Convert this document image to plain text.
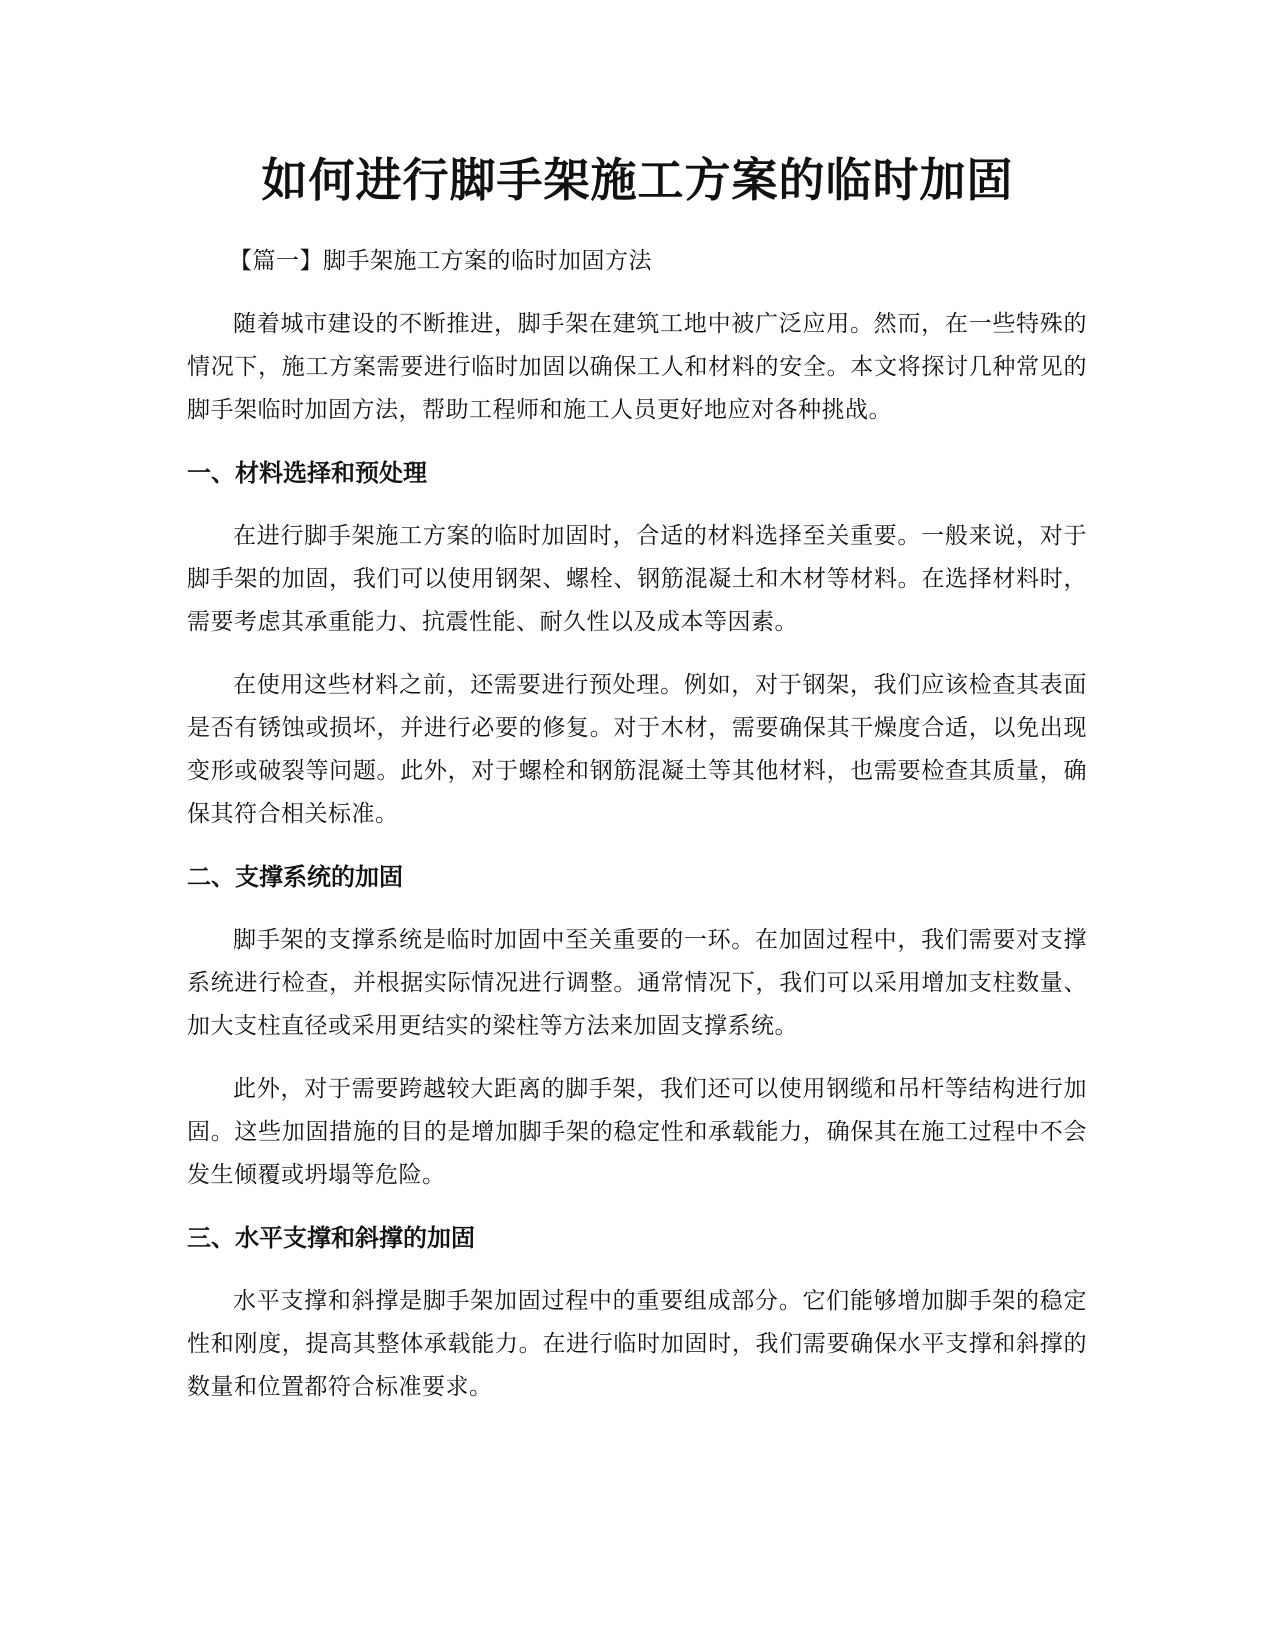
如何进行脚手架施工方案的临时加固

【篇一】脚手架施工方案的临时加固方法

随着城市建设的不断推进，脚手架在建筑工地中被广泛应用。然而，在一些特殊的情况下，施工方案需要进行临时加固以确保工人和材料的安全。本文将探讨几种常见的脚手架临时加固方法，帮助工程师和施工人员更好地应对各种挑战。

一、材料选择和预处理

在进行脚手架施工方案的临时加固时，合适的材料选择至关重要。一般来说，对于脚手架的加固，我们可以使用钢架、螺栓、钢筋混凝土和木材等材料。在选择材料时，需要考虑其承重能力、抗震性能、耐久性以及成本等因素。

在使用这些材料之前，还需要进行预处理。例如，对于钢架，我们应该检查其表面是否有锈蚀或损坏，并进行必要的修复。对于木材，需要确保其干燥度合适，以免出现变形或破裂等问题。此外，对于螺栓和钢筋混凝土等其他材料，也需要检查其质量，确保其符合相关标准。

二、支撑系统的加固

脚手架的支撑系统是临时加固中至关重要的一环。在加固过程中，我们需要对支撑系统进行检查，并根据实际情况进行调整。通常情况下，我们可以采用增加支柱数量、加大支柱直径或采用更结实的梁柱等方法来加固支撑系统。

此外，对于需要跨越较大距离的脚手架，我们还可以使用钢缆和吊杆等结构进行加固。这些加固措施的目的是增加脚手架的稳定性和承载能力，确保其在施工过程中不会发生倾覆或坍塌等危险。

三、水平支撑和斜撑的加固

水平支撑和斜撑是脚手架加固过程中的重要组成部分。它们能够增加脚手架的稳定性和刚度，提高其整体承载能力。在进行临时加固时，我们需要确保水平支撑和斜撑的数量和位置都符合标准要求。
